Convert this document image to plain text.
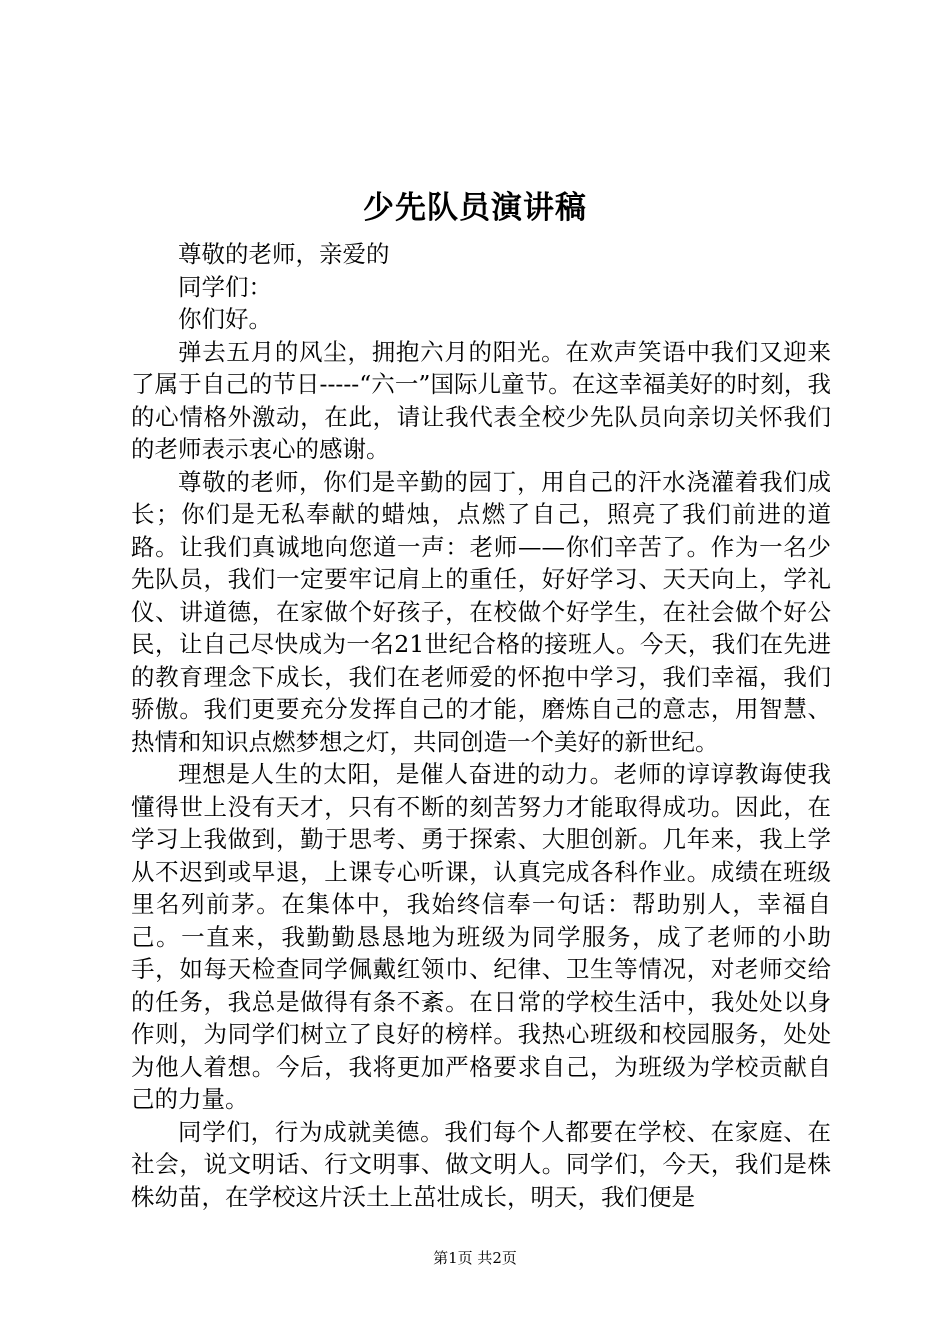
少先队员演讲稿

尊敬的老师，亲爱的

同学们：

你们好。

弹去五月的风尘，拥抱六月的阳光。在欢声笑语中我们又迎来了属于自己的节日-----“六一”国际儿童节。在这幸福美好的时刻，我的心情格外激动，在此，请让我代表全校少先队员向亲切关怀我们的老师表示衷心的感谢。

尊敬的老师，你们是辛勤的园丁，用自己的汗水浇灌着我们成长；你们是无私奉献的蜡烛，点燃了自己，照亮了我们前进的道路。让我们真诚地向您道一声：老师——你们辛苦了。作为一名少先队员，我们一定要牢记肩上的重任，好好学习、天天向上，学礼仪、讲道德，在家做个好孩子，在校做个好学生，在社会做个好公民，让自己尽快成为一名21世纪合格的接班人。今天，我们在先进的教育理念下成长，我们在老师爱的怀抱中学习，我们幸福，我们骄傲。我们更要充分发挥自己的才能，磨炼自己的意志，用智慧、热情和知识点燃梦想之灯，共同创造一个美好的新世纪。

理想是人生的太阳，是催人奋进的动力。老师的谆谆教诲使我懂得世上没有天才，只有不断的刻苦努力才能取得成功。因此，在学习上我做到，勤于思考、勇于探索、大胆创新。几年来，我上学从不迟到或早退，上课专心听课，认真完成各科作业。成绩在班级里名列前茅。在集体中，我始终信奉一句话：帮助别人，幸福自己。一直来，我勤勤恳恳地为班级为同学服务，成了老师的小助手，如每天检查同学佩戴红领巾、纪律、卫生等情况，对老师交给的任务，我总是做得有条不紊。在日常的学校生活中，我处处以身作则，为同学们树立了良好的榜样。我热心班级和校园服务，处处为他人着想。今后，我将更加严格要求自己，为班级为学校贡献自己的力量。

同学们，行为成就美德。我们每个人都要在学校、在家庭、在社会，说文明话、行文明事、做文明人。同学们，今天，我们是株株幼苗，在学校这片沃土上茁壮成长，明天，我们便是

第1页 共2页
